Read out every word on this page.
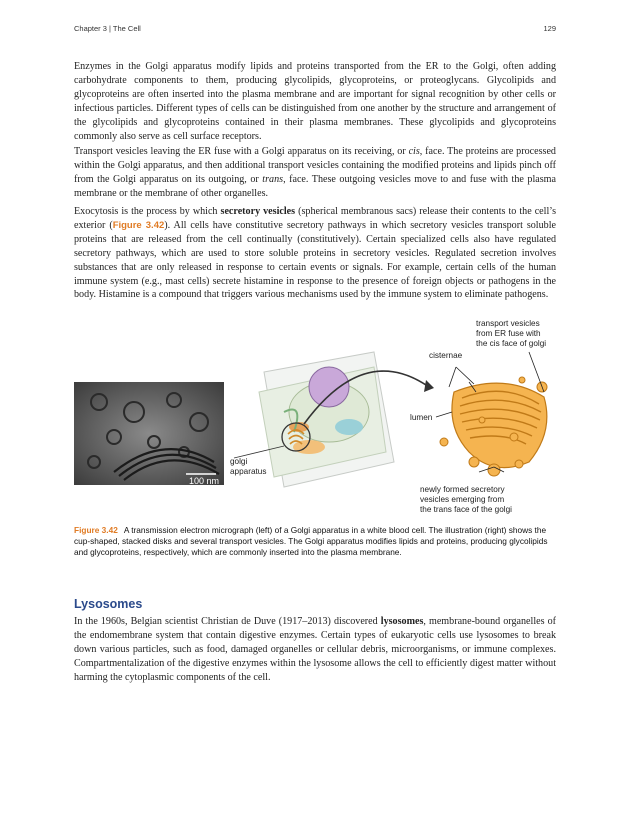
Chapter 3 | The Cell	129

Enzymes in the Golgi apparatus modify lipids and proteins transported from the ER to the Golgi, often adding carbohydrate components to them, producing glycolipids, glycoproteins, or proteoglycans. Glycolipids and glycoproteins are often inserted into the plasma membrane and are important for signal recognition by other cells or infectious particles. Different types of cells can be distinguished from one another by the structure and arrangement of the glycolipids and glycoproteins contained in their plasma membranes. These glycolipids and glycoproteins commonly also serve as cell surface receptors.

Transport vesicles leaving the ER fuse with a Golgi apparatus on its receiving, or cis, face. The proteins are processed within the Golgi apparatus, and then additional transport vesicles containing the modified proteins and lipids pinch off from the Golgi apparatus on its outgoing, or trans, face. These outgoing vesicles move to and fuse with the plasma membrane or the membrane of other organelles.

Exocytosis is the process by which secretory vesicles (spherical membranous sacs) release their contents to the cell’s exterior (Figure 3.42). All cells have constitutive secretory pathways in which secretory vesicles transport soluble proteins that are released from the cell continually (constitutively). Certain specialized cells also have regulated secretory pathways, which are used to store soluble proteins in secretory vesicles. Regulated secretion involves substances that are only released in response to certain events or signals. For example, certain cells of the human immune system (e.g., mast cells) secrete histamine in response to the presence of foreign objects or pathogens in the body. Histamine is a compound that triggers various mechanisms used by the immune system to eliminate pathogens.

100 nm
golgi
apparatus
transport vesicles
from ER fuse with
the cis face of golgi
cisternae
lumen
newly formed secretory
vesicles emerging from
the trans face of the golgi

Figure 3.42 A transmission electron micrograph (left) of a Golgi apparatus in a white blood cell. The illustration (right) shows the cup-shaped, stacked disks and several transport vesicles. The Golgi apparatus modifies lipids and proteins, producing glycolipids and glycoproteins, respectively, which are commonly inserted into the plasma membrane.

Lysosomes

In the 1960s, Belgian scientist Christian de Duve (1917–2013) discovered lysosomes, membrane-bound organelles of the endomembrane system that contain digestive enzymes. Certain types of eukaryotic cells use lysosomes to break down various particles, such as food, damaged organelles or cellular debris, microorganisms, or immune complexes. Compartmentalization of the digestive enzymes within the lysosome allows the cell to efficiently digest matter without harming the cytoplasmic components of the cell.
